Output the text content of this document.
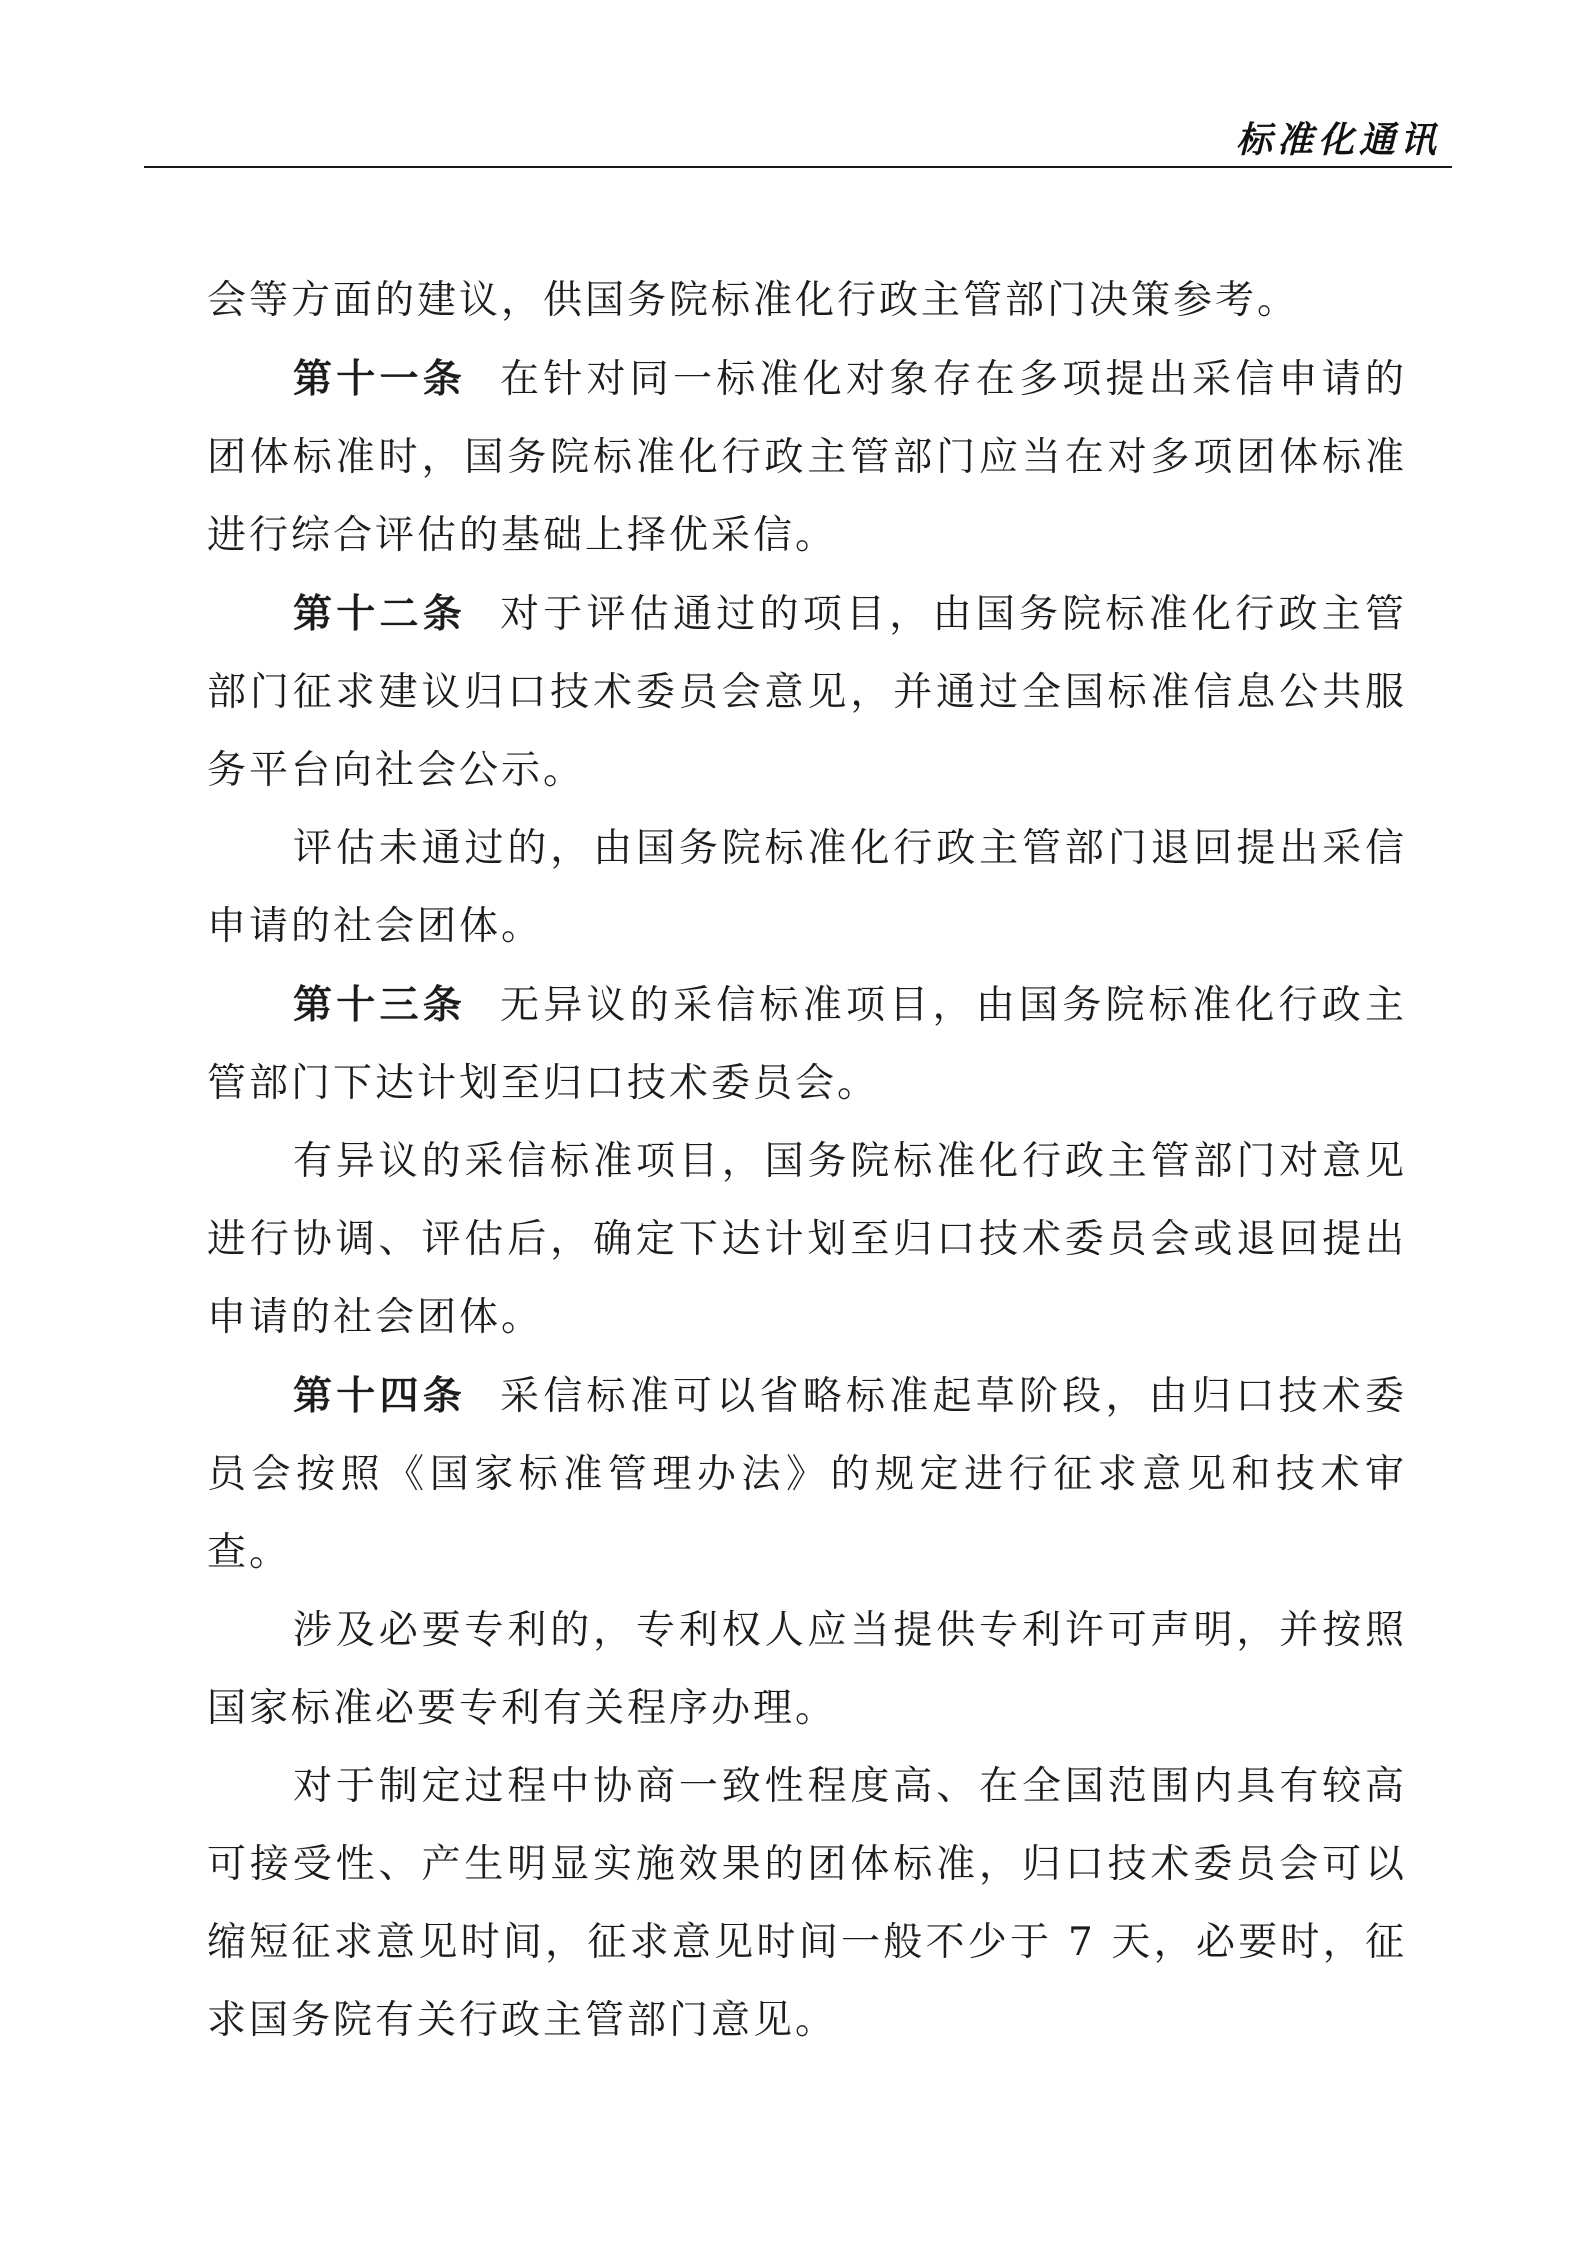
标准化通讯

会等方面的建议，供国务院标准化行政主管部门决策参考。

第十一条 在针对同一标准化对象存在多项提出采信申请的团体标准时，国务院标准化行政主管部门应当在对多项团体标准进行综合评估的基础上择优采信。

第十二条 对于评估通过的项目，由国务院标准化行政主管部门征求建议归口技术委员会意见，并通过全国标准信息公共服务平台向社会公示。

评估未通过的，由国务院标准化行政主管部门退回提出采信申请的社会团体。

第十三条 无异议的采信标准项目，由国务院标准化行政主管部门下达计划至归口技术委员会。

有异议的采信标准项目，国务院标准化行政主管部门对意见进行协调、评估后，确定下达计划至归口技术委员会或退回提出申请的社会团体。

第十四条 采信标准可以省略标准起草阶段，由归口技术委员会按照《国家标准管理办法》的规定进行征求意见和技术审查。

涉及必要专利的，专利权人应当提供专利许可声明，并按照国家标准必要专利有关程序办理。

对于制定过程中协商一致性程度高、在全国范围内具有较高可接受性、产生明显实施效果的团体标准，归口技术委员会可以缩短征求意见时间，征求意见时间一般不少于 7 天，必要时，征求国务院有关行政主管部门意见。
